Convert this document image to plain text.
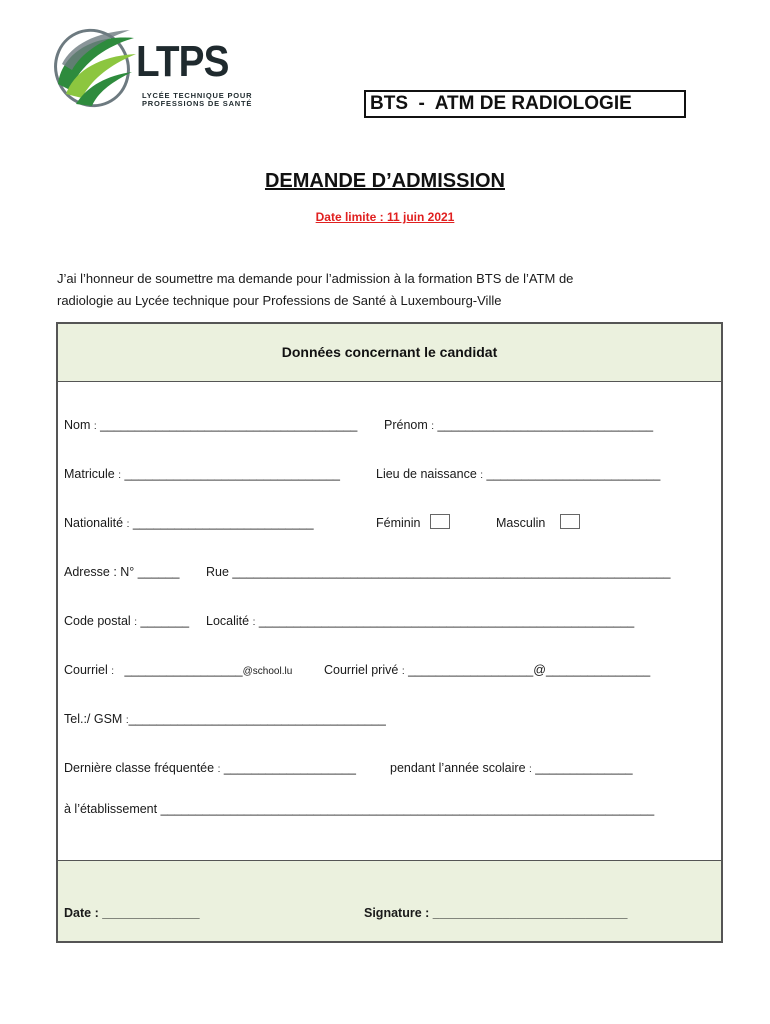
LTPS
LYCÉE TECHNIQUE POUR
PROFESSIONS DE SANTÉ	BTS  -  ATM DE RADIOLOGIE
DEMANDE D’ADMISSION
Date limite : 11 juin 2021
J’ai l’honneur de soumettre ma demande pour l’admission à la formation BTS de l’ATM de
radiologie au Lycée technique pour Professions de Santé à Luxembourg-Ville
Données concernant le candidat
Nom : _____________________________________ Prénom : _______________________________
Matricule : _______________________________	Lieu de naissance : _________________________
Nationalité : __________________________	Féminin	Masculin
Adresse : N° ______ Rue _______________________________________________________________
Code postal : _______ Localité : ______________________________________________________
Courriel : _________________@school.lu	Courriel privé : __________________@_______________
Tel.:/ GSM :_____________________________________
Dernière classe fréquentée : ___________________	pendant l’année scolaire : ______________
à l’établissement _______________________________________________________________________
Date : ______________	Signature : ____________________________
